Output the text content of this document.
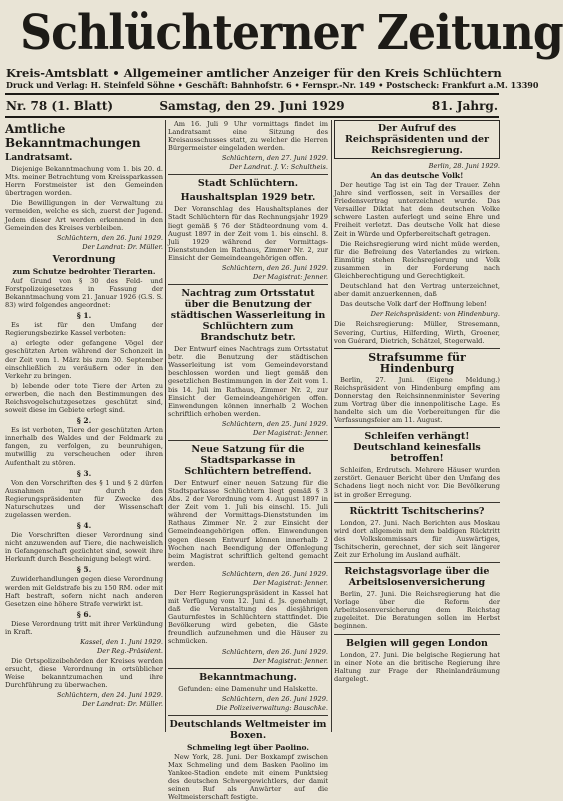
Schlüchterner Zeitung
Kreis-Amtsblatt • Allgemeiner amtlicher Anzeiger für den Kreis Schlüchtern
Druck und Verlag: H. Steinfeld Söhne • Geschäft: Bahnhofstr. 6 • Fernspr.-Nr. 149 • Postscheck: Frankfurt a.M. 13390
Nr. 78 (1. Blatt)	Samstag, den 29. Juni 1929	81. Jahrg.
Amtliche Bekanntmachungen
Landratsamt.

Diejenige Bekanntmachung vom 1. bis 20. d. Mts. meiner Betrachtung vom Kreissparkassen Herrn Forstmeister ist den Gemeinden übertragen worden.

Die Bewilligungen in der Verwaltung zu vermeiden, welche es sich, zuerst der Jugend. Jedem dieser Art werden erkennend in den Gemeinden des Kreises verbleiben.

Schlüchtern, den 26. Juni 1929.
Der Landrat: Dr. Müller.
Verordnung
zum Schutze bedrohter Tierarten.

Auf Grund von § 30 des Feld- und Forstpolizeigesetzes in Fassung der Bekanntmachung vom 21. Januar 1926 (G.S. S. 83) wird folgendes angeordnet:

§ 1.

Es ist für den Umfang der Regierungsbezirke Kassel verboten:

a) erlegte oder gefangene Vögel der geschützten Arten während der Schonzeit in der Zeit vom 1. März bis zum 30. September einschließlich zu veräußern oder in den Verkehr zu bringen.

b) lebende oder tote Tiere der Arten zu erwerben, die nach den Bestimmungen des Reichsvogelschutzgesetzes geschützt sind, soweit diese im Gebiete erlegt sind.

§ 2.

Es ist verboten, Tiere der geschützten Arten innerhalb des Waldes und der Feldmark zu fangen, zu verfolgen, zu beunruhigen, mutwillig zu verscheuchen oder ihren Aufenthalt zu stören.

§ 3.

Von den Vorschriften des § 1 und § 2 dürfen Ausnahmen nur durch den Regierungspräsidenten für Zwecke des Naturschutzes und der Wissenschaft zugelassen werden.

§ 4.

Die Vorschriften dieser Verordnung sind nicht anzuwenden auf Tiere, die nachweislich in Gefangenschaft gezüchtet sind, soweit ihre Herkunft durch Bescheinigung belegt wird.

§ 5.

Zuwiderhandlungen gegen diese Verordnung werden mit Geldstrafe bis zu 150 RM. oder mit Haft bestraft, sofern nicht nach anderen Gesetzen eine höhere Strafe verwirkt ist.

§ 6.

Diese Verordnung tritt mit ihrer Verkündung in Kraft.

Kassel, den 1. Juni 1929.
Der Reg.-Präsident.

Die Ortspolizeibehörden der Kreises werden ersucht, diese Verordnung in ortsüblicher Weise bekanntzumachen und ihre Durchführung zu überwachen.

Schlüchtern, den 24. Juni 1929.
Der Landrat: Dr. Müller.

Am 16. Juli 9 Uhr vormittags findet im Landratsamt eine Sitzung des Kreisausschusses statt, zu welcher die Herren Bürgermeister eingeladen werden.

Schlüchtern, den 27. Juni 1929.
Der Landrat. J. V.: Schultheis.
Stadt Schlüchtern.
Haushaltsplan 1929 betr.

Der Voranschlag des Haushaltsplanes der Stadt Schlüchtern für das Rechnungsjahr 1929 liegt gemäß § 76 der Städteordnung vom 4. August 1897 in der Zeit vom 1. bis einschl. 8. Juli 1929 während der Vormittags-Dienststunden im Rathaus, Zimmer Nr. 2, zur Einsicht der Gemeindeangehörigen offen.

Schlüchtern, den 26. Juni 1929.
Der Magistrat: Jenner.
Nachtrag zum Ortsstatut über die Benutzung der städtischen Wasserleitung in Schlüchtern zum Brandschutz betr.

Der Entwurf eines Nachtrags zum Ortsstatut betr. die Benutzung der städtischen Wasserleitung ist vom Gemeindevorstand beschlossen worden und liegt gemäß den gesetzlichen Bestimmungen in der Zeit vom 1. bis 14. Juli im Rathaus, Zimmer Nr. 2, zur Einsicht der Gemeindeangehörigen offen. Einwendungen können innerhalb 2 Wochen schriftlich erhoben werden.

Schlüchtern, den 25. Juni 1929.
Der Magistrat: Jenner.
Neue Satzung für die Stadtsparkasse in Schlüchtern betreffend.

Der Entwurf einer neuen Satzung für die Stadtsparkasse Schlüchtern liegt gemäß § 3 Abs. 2 der Verordnung vom 4. August 1897 in der Zeit vom 1. Juli bis einschl. 15. Juli während der Vormittags-Dienststunden im Rathaus Zimmer Nr. 2 zur Einsicht der Gemeindeangehörigen offen. Einwendungen gegen diesen Entwurf können innerhalb 2 Wochen nach Beendigung der Offenlegung beim Magistrat schriftlich geltend gemacht werden.

Schlüchtern, den 26. Juni 1929.
Der Magistrat: Jenner.

Der Herr Regierungspräsident in Kassel hat mit Verfügung vom 12. Juni d. Js. genehmigt, daß die Veranstaltung des diesjährigen Gauturnfestes in Schlüchtern stattfindet. Die Bevölkerung wird gebeten, die Gäste freundlich aufzunehmen und die Häuser zu schmücken.

Schlüchtern, den 26. Juni 1929.
Der Magistrat: Jenner.
Bekanntmachung.

Gefunden: eine Damenuhr und Halskette.

Schlüchtern, den 26. Juni 1929.
Die Polizeiverwaltung: Bauschke.
Deutschlands Weltmeister im Boxen.
Schmeling legt über Paolino.

New York, 28. Juni. Der Boxkampf zwischen Max Schmeling und dem Basken Paolino im Yankee-Stadion endete mit einem Punktsieg des deutschen Schwergewichtlers, der damit seinen Ruf als Anwärter auf die Weltmeisterschaft festigte.

Der Aufruf des Reichspräsidenten und der Reichsregierung.
Berlin, 28. Juni 1929.
An das deutsche Volk!

Der heutige Tag ist ein Tag der Trauer. Zehn Jahre sind verflossen, seit in Versailles der Friedensvertrag unterzeichnet wurde. Das Versailler Diktat hat dem deutschen Volke schwere Lasten auferlegt und seine Ehre und Freiheit verletzt. Das deutsche Volk hat diese Zeit in Würde und Opferbereitschaft getragen.

Die Reichsregierung wird nicht müde werden, für die Befreiung des Vaterlandes zu wirken. Einmütig stehen Reichsregierung und Volk zusammen in der Forderung nach Gleichberechtigung und Gerechtigkeit.

Deutschland hat den Vertrag unterzeichnet, aber damit anzuerkennen, daß

Das deutsche Volk darf der Hoffnung leben!

Der Reichspräsident: von Hindenburg.

Die Reichsregierung: Müller, Stresemann, Severing, Curtius, Hilferding, Wirth, Groener, von Guérard, Dietrich, Schätzel, Stegerwald.

Strafsumme für Hindenburg

Berlin, 27. Juni. (Eigene Meldung.) Reichspräsident von Hindenburg empfing am Donnerstag den Reichsinnenminister Severing zum Vortrag über die innenpolitische Lage. Es handelte sich um die Vorbereitungen für die Verfassungsfeier am 11. August.

Schleifen verhängt! Deutschland keinesfalls betroffen!

Schleifen, Erdrutsch. Mehrere Häuser wurden zerstört. Genauer Bericht über den Umfang des Schadens liegt noch nicht vor. Die Bevölkerung ist in großer Erregung.

Rücktritt Tschitscherins?

London, 27. Juni. Nach Berichten aus Moskau wird dort allgemein mit dem baldigen Rücktritt des Volkskommissars für Auswärtiges, Tschitscherin, gerechnet, der sich seit längerer Zeit zur Erholung im Ausland aufhält.

Reichstagsvorlage über die Arbeitslosenversicherung

Berlin, 27. Juni. Die Reichsregierung hat die Vorlage über die Reform der Arbeitslosenversicherung dem Reichstag zugeleitet. Die Beratungen sollen im Herbst beginnen.

Belgien will gegen London

London, 27. Juni. Die belgische Regierung hat in einer Note an die britische Regierung ihre Haltung zur Frage der Rheinlandräumung dargelegt.
